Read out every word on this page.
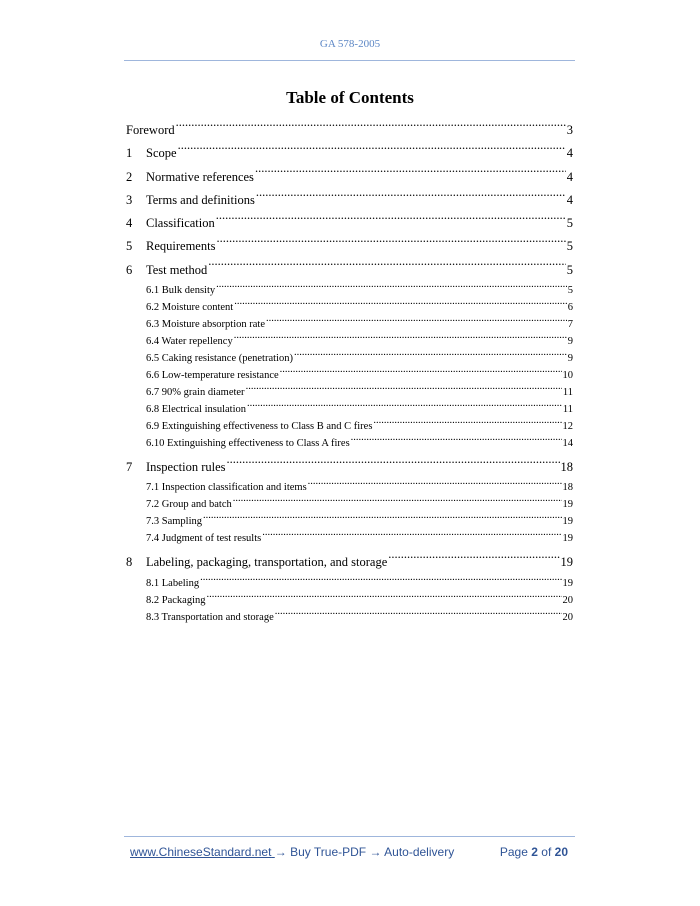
GA 578-2005
Table of Contents
Foreword .....	3
1	Scope .....	4
2	Normative references .....	4
3	Terms and definitions .....	4
4	Classification .....	5
5	Requirements .....	5
6	Test method .....	5
6.1 Bulk density .....	5
6.2 Moisture content .....	6
6.3 Moisture absorption rate .....	7
6.4 Water repellency .....	9
6.5 Caking resistance (penetration) .....	9
6.6 Low-temperature resistance .....	10
6.7 90% grain diameter .....	11
6.8 Electrical insulation .....	11
6.9 Extinguishing effectiveness to Class B and C fires .....	12
6.10 Extinguishing effectiveness to Class A fires .....	14
7	Inspection rules .....	18
7.1 Inspection classification and items .....	18
7.2 Group and batch .....	19
7.3 Sampling .....	19
7.4 Judgment of test results .....	19
8	Labeling, packaging, transportation, and storage .....	19
8.1 Labeling .....	19
8.2 Packaging .....	20
8.3 Transportation and storage .....	20
www.ChineseStandard.net → Buy True-PDF → Auto-delivery	Page 2 of 20
